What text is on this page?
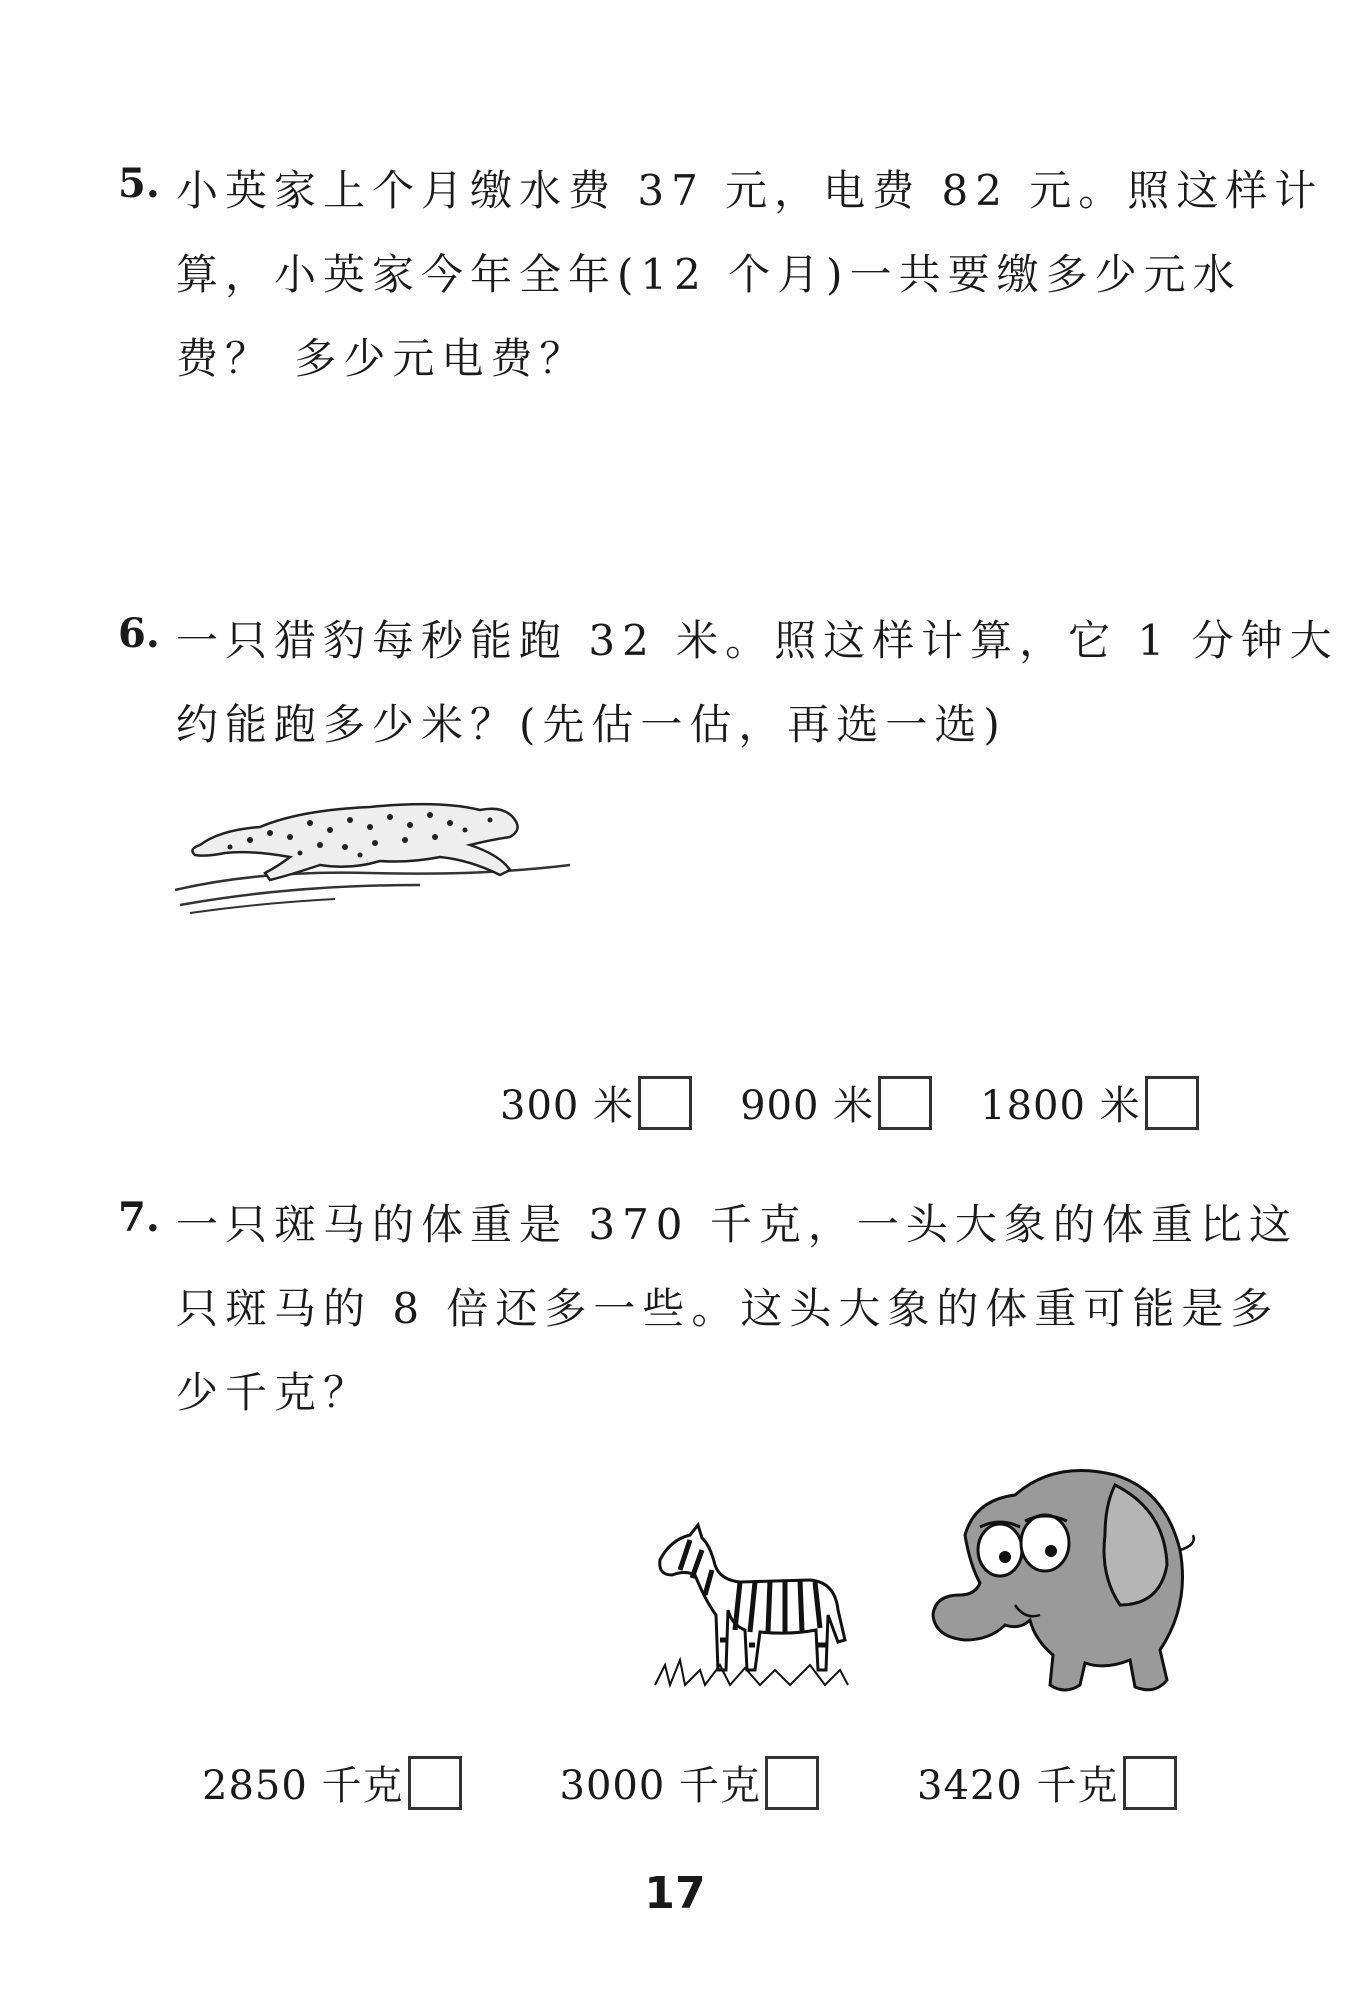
5. 小英家上个月缴水费 37 元，电费 82 元。照这样计
算，小英家今年全年(12 个月)一共要缴多少元水
费？ 多少元电费？
6. 一只猎豹每秒能跑 32 米。照这样计算，它 1 分钟大
约能跑多少米？(先估一估，再选一选)
300 米	900 米	1800 米
7. 一只斑马的体重是 370 千克，一头大象的体重比这
只斑马的 8 倍还多一些。这头大象的体重可能是多
少千克？
2850 千克	3000 千克	3420 千克
17
